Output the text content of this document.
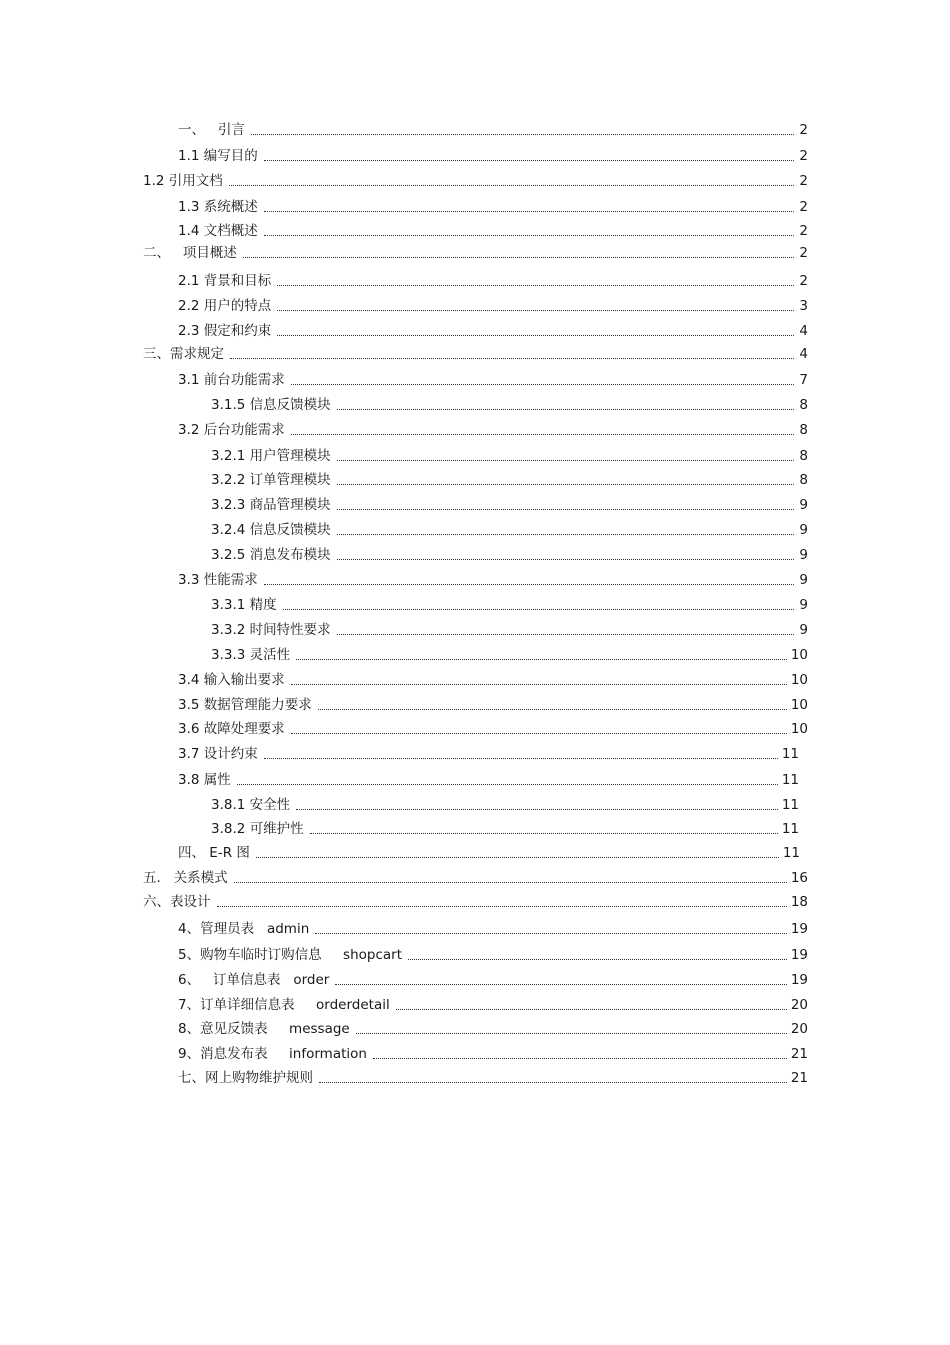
一、   引言	2
1.1 编写目的	2
1.2 引用文档	2
1.3 系统概述	2
1.4 文档概述	2
二、   项目概述	2
2.1 背景和目标	2
2.2 用户的特点	3
2.3 假定和约束	4
三、需求规定	4
3.1 前台功能需求	7
3.1.5 信息反馈模块	8
3.2 后台功能需求	8
3.2.1 用户管理模块	8
3.2.2 订单管理模块	8
3.2.3 商品管理模块	9
3.2.4 信息反馈模块	9
3.2.5 消息发布模块	9
3.3 性能需求	9
3.3.1 精度	9
3.3.2 时间特性要求	9
3.3.3 灵活性	10
3.4 输入输出要求	10
3.5 数据管理能力要求	10
3.6 故障处理要求	10
3.7 设计约束	11
3.8 属性	11
3.8.1 安全性	11
3.8.2 可维护性	11
四、 E-R 图	11
五.   关系模式	16
六、表设计	18
4、管理员表   admin	19
5、购物车临时订购信息     shopcart	19
6、   订单信息表   order	19
7、订单详细信息表     orderdetail	20
8、意见反馈表     message	20
9、消息发布表     information	21
七、网上购物维护规则	21
